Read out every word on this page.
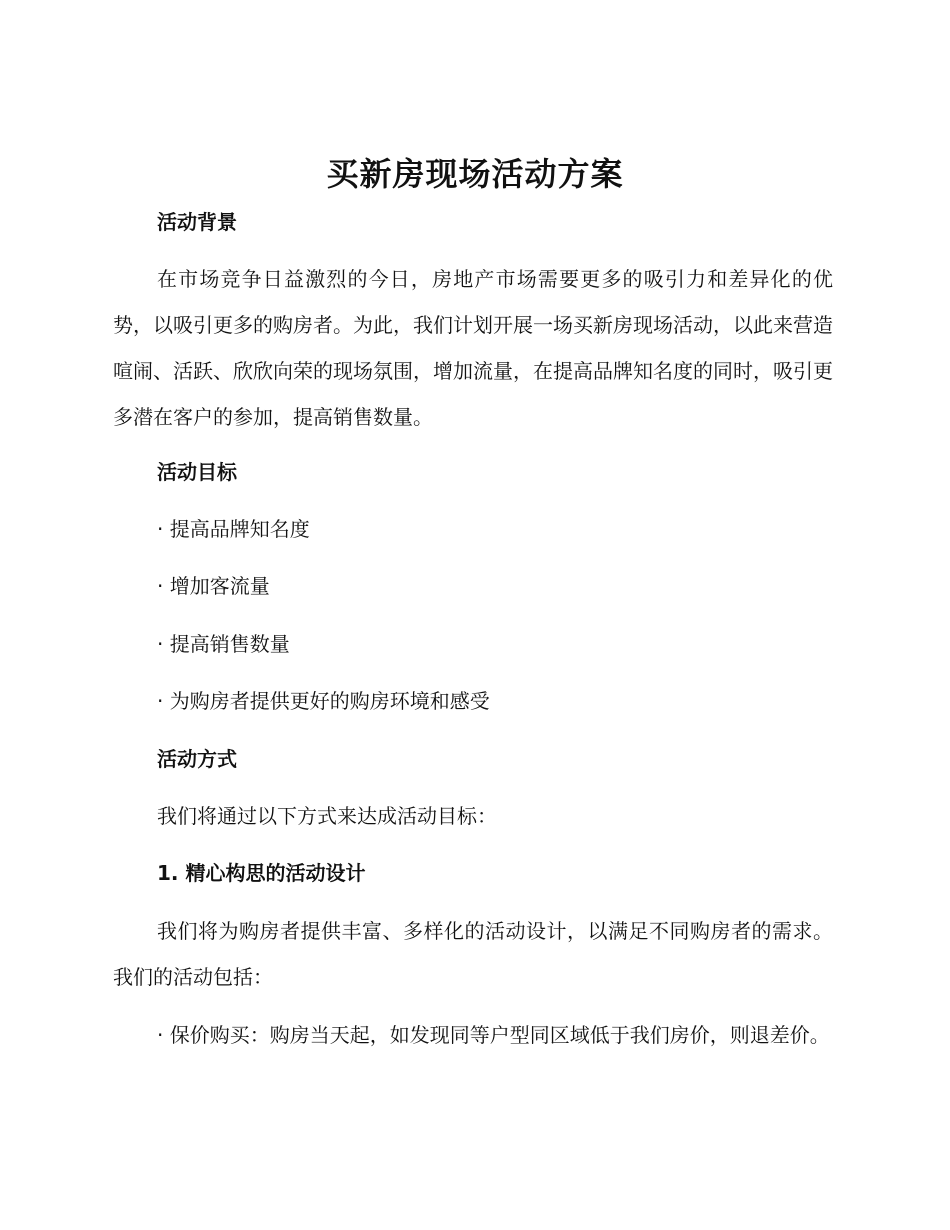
买新房现场活动方案
活动背景
在市场竞争日益激烈的今日，房地产市场需要更多的吸引力和差异化的优势，以吸引更多的购房者。为此，我们计划开展一场买新房现场活动，以此来营造喧闹、活跃、欣欣向荣的现场氛围，增加流量，在提高品牌知名度的同时，吸引更多潜在客户的参加，提高销售数量。
活动目标
· 提高品牌知名度
· 增加客流量
· 提高销售数量
· 为购房者提供更好的购房环境和感受
活动方式
我们将通过以下方式来达成活动目标：
1. 精心构思的活动设计
我们将为购房者提供丰富、多样化的活动设计，以满足不同购房者的需求。我们的活动包括：
· 保价购买：购房当天起，如发现同等户型同区域低于我们房价，则退差价。
